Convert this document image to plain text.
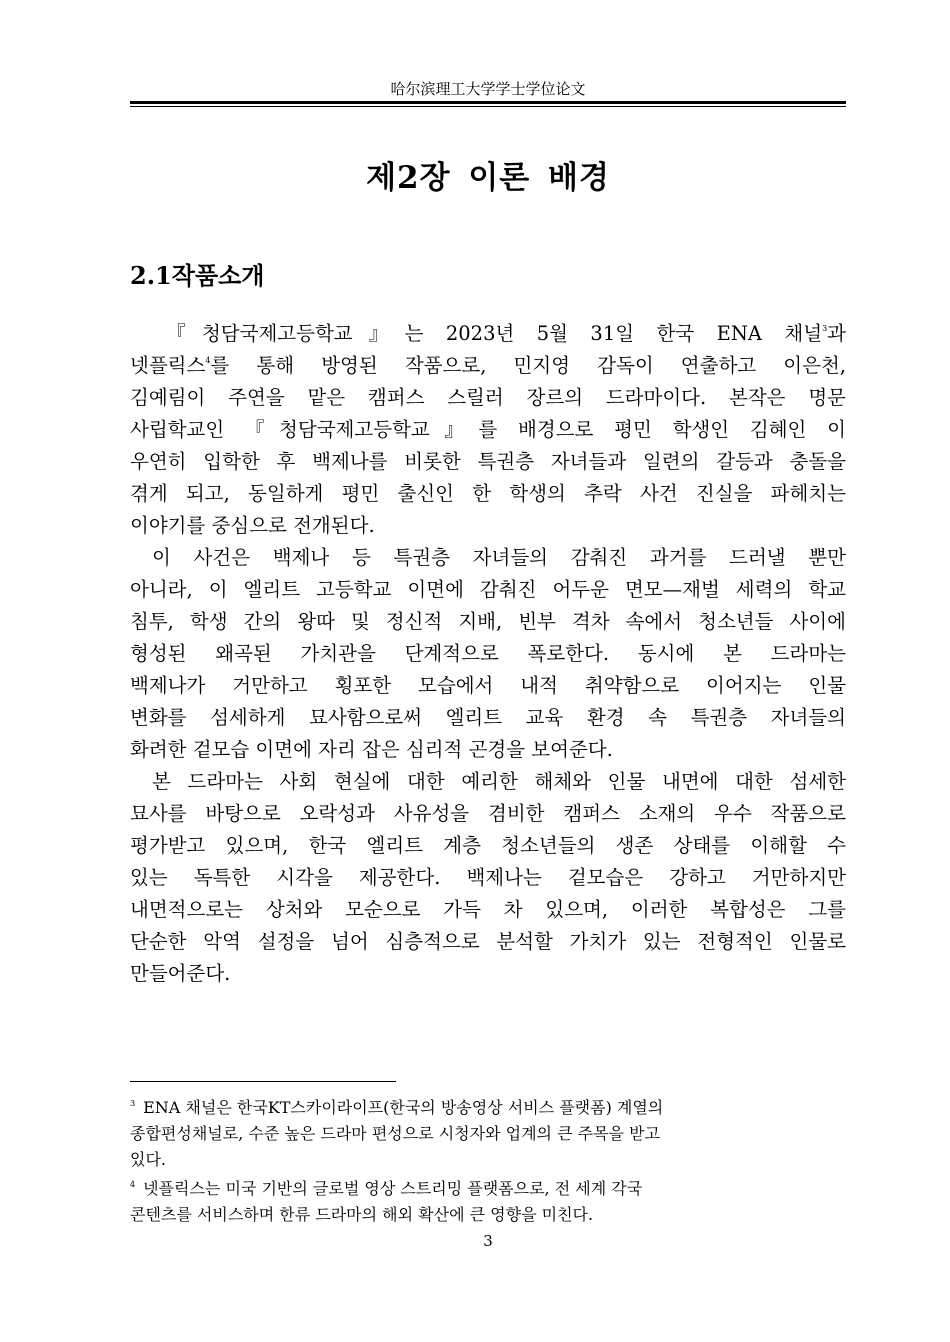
哈尔滨理工大学学士学位论文
제2장 이론 배경
2.1작품소개
『청담국제고등학교』는 2023년 5월 31일 한국 ENA 채널$^3$과
넷플릭스$^4$를 통해 방영된 작품으로, 민지영 감독이 연출하고 이은천,
김예림이 주연을 맡은 캠퍼스 스릴러 장르의 드라마이다. 본작은 명문
사립학교인 『청담국제고등학교』를 배경으로 평민 학생인 김혜인 이
우연히 입학한 후 백제나를 비롯한 특권층 자녀들과 일련의 갈등과 충돌을
겪게 되고, 동일하게 평민 출신인 한 학생의 추락 사건 진실을 파헤치는
이야기를 중심으로 전개된다.
이 사건은 백제나 등 특권층 자녀들의 감춰진 과거를 드러낼 뿐만
아니라, 이 엘리트 고등학교 이면에 감춰진 어두운 면모—재벌 세력의 학교
침투, 학생 간의 왕따 및 정신적 지배, 빈부 격차 속에서 청소년들 사이에
형성된 왜곡된 가치관을 단계적으로 폭로한다. 동시에 본 드라마는
백제나가 거만하고 횡포한 모습에서 내적 취약함으로 이어지는 인물
변화를 섬세하게 묘사함으로써 엘리트 교육 환경 속 특권층 자녀들의
화려한 겉모습 이면에 자리 잡은 심리적 곤경을 보여준다.
본 드라마는 사회 현실에 대한 예리한 해체와 인물 내면에 대한 섬세한
묘사를 바탕으로 오락성과 사유성을 겸비한 캠퍼스 소재의 우수 작품으로
평가받고 있으며, 한국 엘리트 계층 청소년들의 생존 상태를 이해할 수
있는 독특한 시각을 제공한다. 백제나는 겉모습은 강하고 거만하지만
내면적으로는 상처와 모순으로 가득 차 있으며, 이러한 복합성은 그를
단순한 악역 설정을 넘어 심층적으로 분석할 가치가 있는 전형적인 인물로
만들어준다.
$^3$ ENA 채널은 한국KT스카이라이프(한국의 방송영상 서비스 플랫폼) 계열의
종합편성채널로, 수준 높은 드라마 편성으로 시청자와 업계의 큰 주목을 받고
있다.
$^4$ 넷플릭스는 미국 기반의 글로벌 영상 스트리밍 플랫폼으로, 전 세계 각국
콘텐츠를 서비스하며 한류 드라마의 해외 확산에 큰 영향을 미친다.
3
